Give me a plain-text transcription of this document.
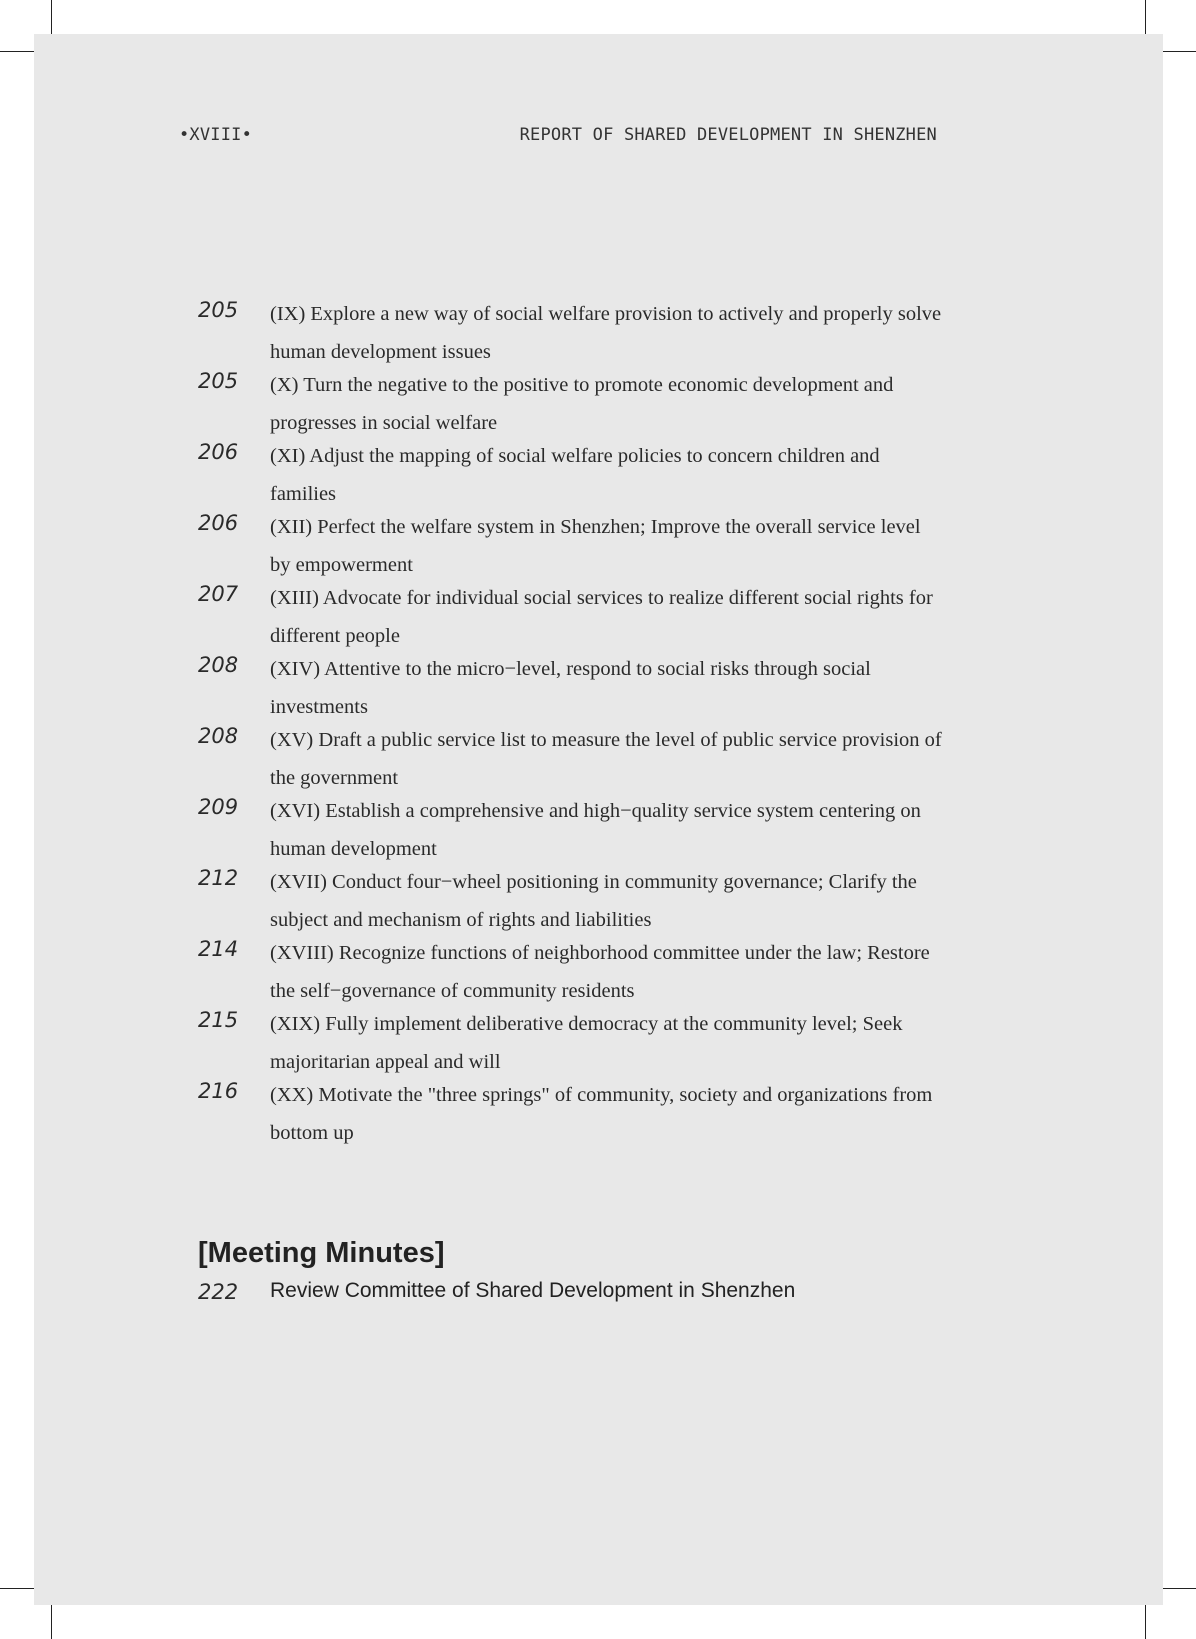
•XVIII•	REPORT OF SHARED DEVELOPMENT IN SHENZHEN
205 (IX) Explore a new way of social welfare provision to actively and properly solve human development issues
205 (X) Turn the negative to the positive to promote economic development and progresses in social welfare
206 (XI) Adjust the mapping of social welfare policies to concern children and families
206 (XII) Perfect the welfare system in Shenzhen; Improve the overall service level by empowerment
207 (XIII) Advocate for individual social services to realize different social rights for different people
208 (XIV) Attentive to the micro−level, respond to social risks through social investments
208 (XV) Draft a public service list to measure the level of public service provision of the government
209 (XVI) Establish a comprehensive and high−quality service system centering on human development
212 (XVII) Conduct four−wheel positioning in community governance; Clarify the subject and mechanism of rights and liabilities
214 (XVIII) Recognize functions of neighborhood committee under the law; Restore the self−governance of community residents
215 (XIX) Fully implement deliberative democracy at the community level; Seek majoritarian appeal and will
216 (XX) Motivate the "three springs" of community, society and organizations from bottom up
[Meeting Minutes]
222 Review Committee of Shared Development in Shenzhen
